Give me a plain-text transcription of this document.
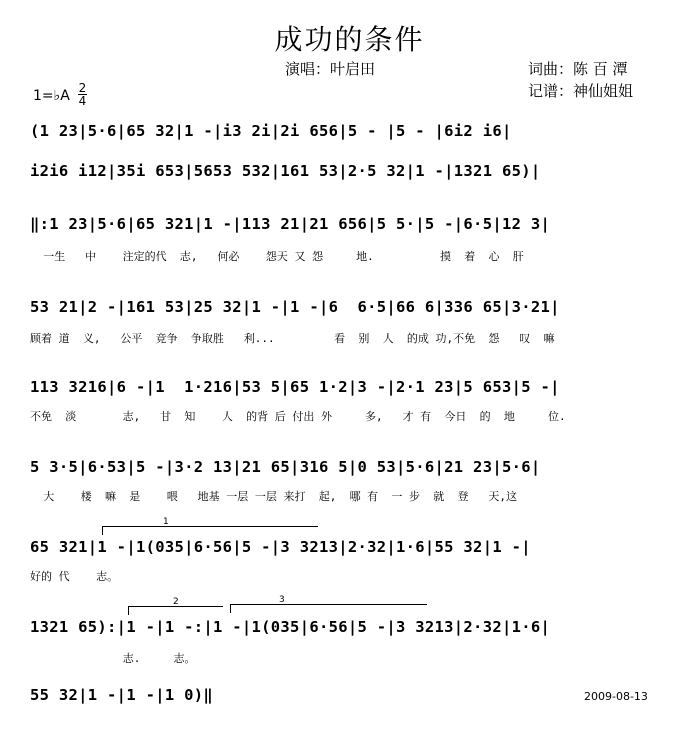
成功的条件
演唱：叶启田	词曲：陈 百 潭
记谱：神仙姐姐
1=♭A 2
4
(1 23|5·6|65 32|1 -|i3 2i|2i 656|5 - |5 - |6i2 i6|
i2i6 i12|35i 653|5653 532|161 53|2·5 32|1 -|1321 65)|
‖:1 23|5·6|65 321|1 -|113 21|21 656|5 5·|5 -|6·5|12 3|
一生   中    注定的代  志,   何必    怨天 又 怨     地.          摸  着  心  肝
53 21|2 -|161 53|25 32|1 -|1 -|6  6·5|66 6|336 65|3·21|
顾着 道  义,   公平  竞争  争取胜   利...         看  别  人  的成 功,不免  怨   叹  嘛
113 3216|6 -|1  1·216|53 5|65 1·2|3 -|2·1 23|5 653|5 -|
不免  淡       志,   甘  知    人  的背 后 付出 外     多,   才 有  今日  的  地     位.
5 3·5|6·53|5 -|3·2 13|21 65|316 5|0 53|5·6|21 23|5·6|
大    楼  嘛  是    喂   地基 一层 一层 来打  起,  哪 有  一 步  就  登   天,这
1
65 321|1 -|1(035|6·56|5 -|3 3213|2·32|1·6|55 32|1 -|
好的 代    志。
2	3
1321 65):|1 -|1 -:|1 -|1(035|6·56|5 -|3 3213|2·32|1·6|
志.     志。
55 32|1 -|1 -|1 0)‖	2009-08-13
